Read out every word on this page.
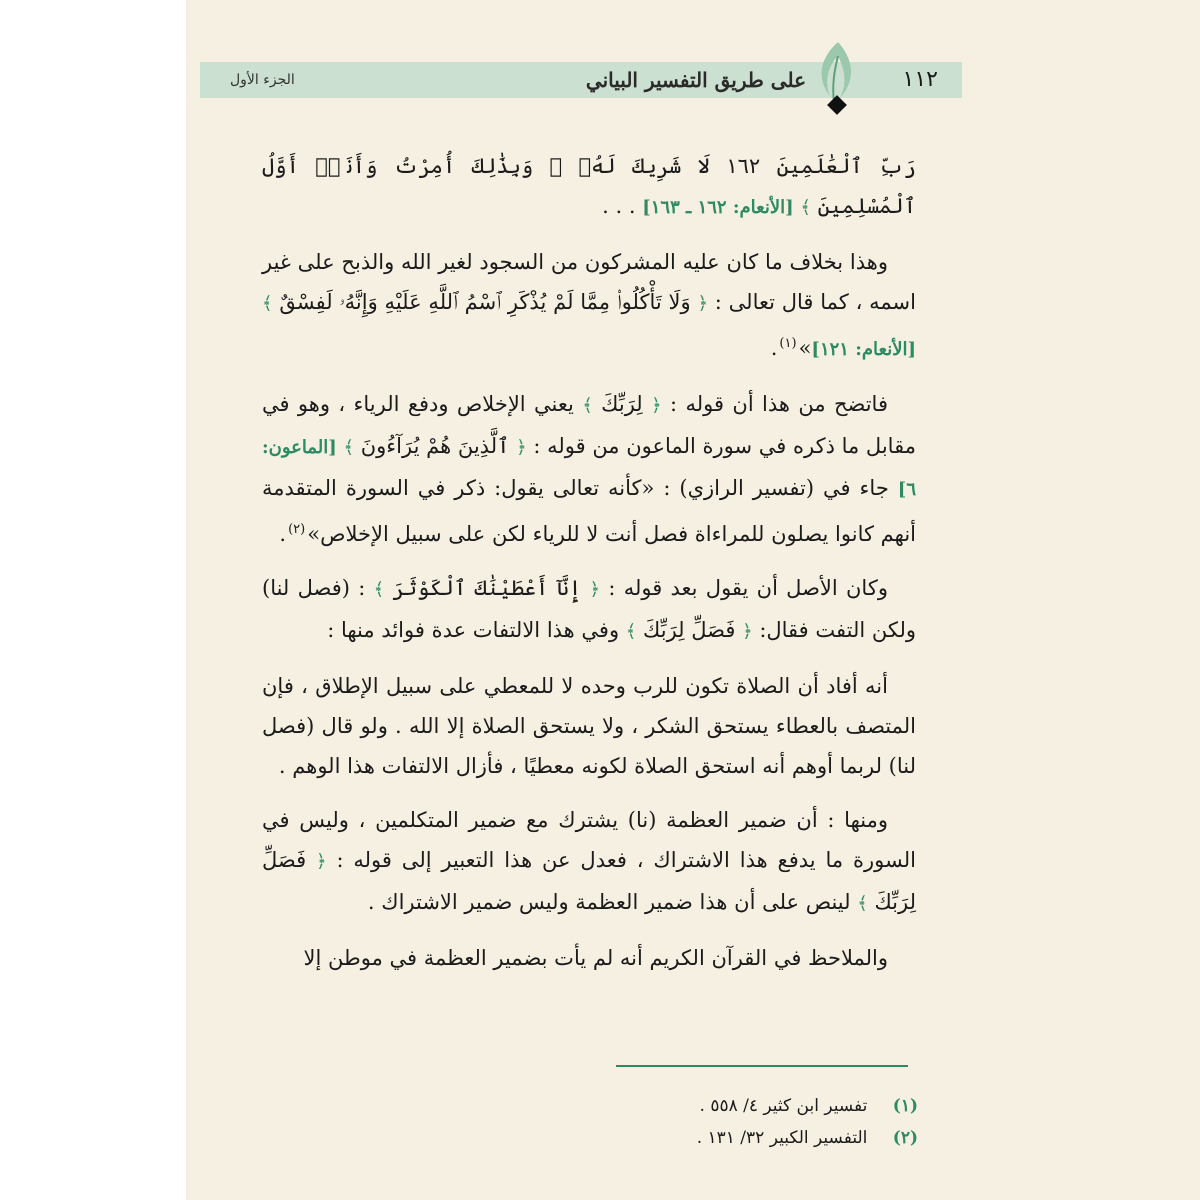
١١٢
على طريق التفسير البياني
الجزء الأول

رَبِّ ٱلْعَٰلَمِينَ ١٦٢ لَا شَرِيكَ لَهُۥ ۖ وَبِذَٰلِكَ أُمِرْتُ وَأَنَا۠ أَوَّلُ ٱلْمُسْلِمِينَ ﴾ [الأنعام: ١٦٢ ـ ١٦٣] . . .

وهذا بخلاف ما كان عليه المشركون من السجود لغير الله والذبح على غير اسمه ، كما قال تعالى : ﴿ وَلَا تَأْكُلُوا۟ مِمَّا لَمْ يُذْكَرِ ٱسْمُ ٱللَّهِ عَلَيْهِ وَإِنَّهُۥ لَفِسْقٌ ﴾ [الأنعام: ١٢١]»$^{(١)}$.

فاتضح من هذا أن قوله : ﴿ لِرَبِّكَ ﴾ يعني الإخلاص ودفع الرياء ، وهو في مقابل ما ذكره في سورة الماعون من قوله : ﴿ ٱلَّذِينَ هُمْ يُرَآءُونَ ﴾ [الماعون: ٦] جاء في (تفسير الرازي) : «كأنه تعالى يقول: ذكر في السورة المتقدمة أنهم كانوا يصلون للمراءاة فصل أنت لا للرياء لكن على سبيل الإخلاص»$^{(٢)}$.

وكان الأصل أن يقول بعد قوله : ﴿ إِنَّآ أَعْطَيْنَٰكَ ٱلْكَوْثَرَ ﴾ : (فصل لنا) ولكن التفت فقال: ﴿ فَصَلِّ لِرَبِّكَ ﴾ وفي هذا الالتفات عدة فوائد منها :

أنه أفاد أن الصلاة تكون للرب وحده لا للمعطي على سبيل الإطلاق ، فإن المتصف بالعطاء يستحق الشكر ، ولا يستحق الصلاة إلا الله . ولو قال (فصل لنا) لربما أوهم أنه استحق الصلاة لكونه معطيًا ، فأزال الالتفات هذا الوهم .

ومنها : أن ضمير العظمة (نا) يشترك مع ضمير المتكلمين ، وليس في السورة ما يدفع هذا الاشتراك ، فعدل عن هذا التعبير إلى قوله : ﴿ فَصَلِّ لِرَبِّكَ ﴾ لينص على أن هذا ضمير العظمة وليس ضمير الاشتراك .

والملاحظ في القرآن الكريم أنه لم يأت بضمير العظمة في موطن إلا

(١) تفسير ابن كثير ٤/ ٥٥٨ .
(٢) التفسير الكبير ٣٢/ ١٣١ .
